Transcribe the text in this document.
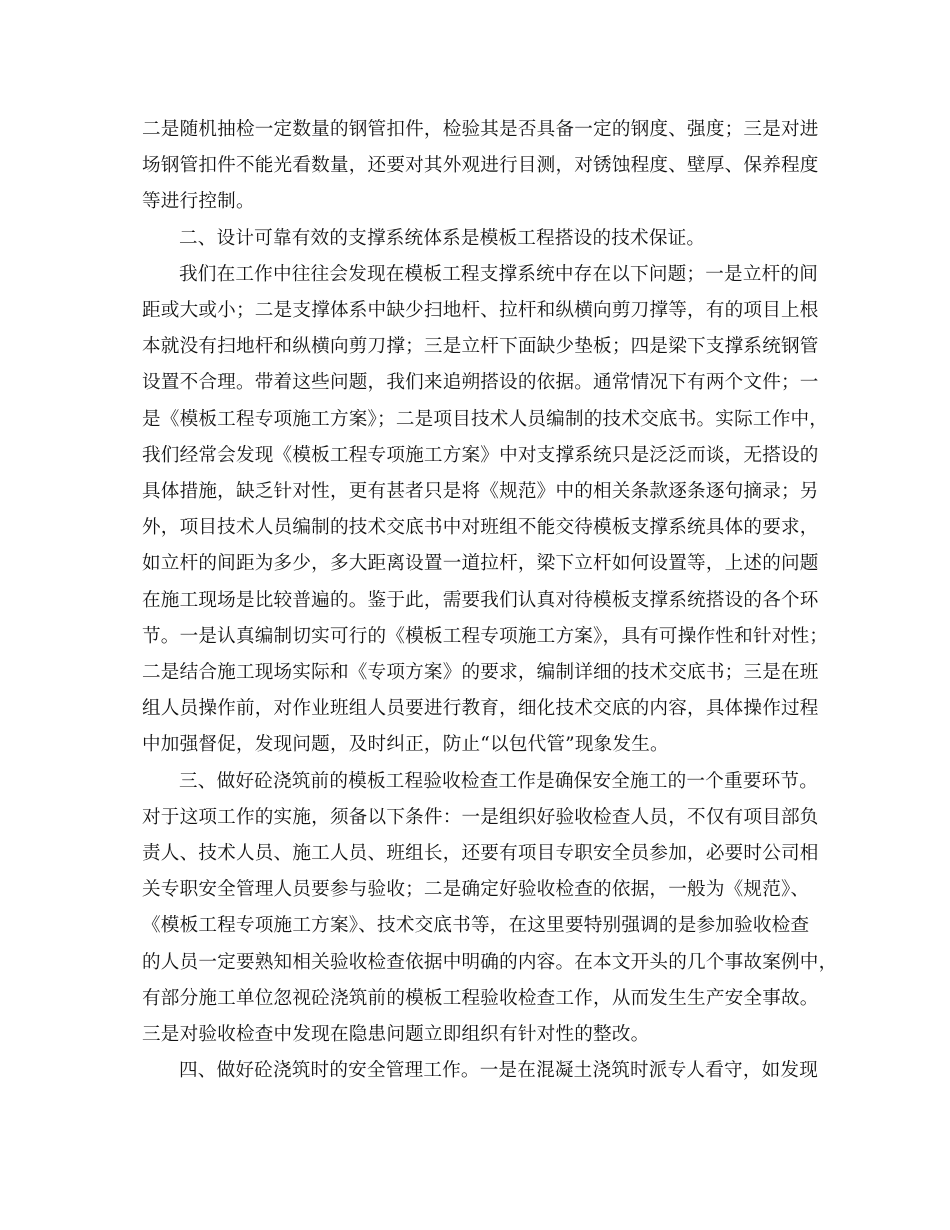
二是随机抽检一定数量的钢管扣件，检验其是否具备一定的钢度、强度；三是对进
场钢管扣件不能光看数量，还要对其外观进行目测，对锈蚀程度、壁厚、保养程度
等进行控制。

二、设计可靠有效的支撑系统体系是模板工程搭设的技术保证。

我们在工作中往往会发现在模板工程支撑系统中存在以下问题；一是立杆的间
距或大或小；二是支撑体系中缺少扫地杆、拉杆和纵横向剪刀撑等，有的项目上根
本就没有扫地杆和纵横向剪刀撑；三是立杆下面缺少垫板；四是梁下支撑系统钢管
设置不合理。带着这些问题，我们来追朔搭设的依据。通常情况下有两个文件；一
是《模板工程专项施工方案》；二是项目技术人员编制的技术交底书。实际工作中，
我们经常会发现《模板工程专项施工方案》中对支撑系统只是泛泛而谈，无搭设的
具体措施，缺乏针对性，更有甚者只是将《规范》中的相关条款逐条逐句摘录；另
外，项目技术人员编制的技术交底书中对班组不能交待模板支撑系统具体的要求，
如立杆的间距为多少，多大距离设置一道拉杆，梁下立杆如何设置等，上述的问题
在施工现场是比较普遍的。鉴于此，需要我们认真对待模板支撑系统搭设的各个环
节。一是认真编制切实可行的《模板工程专项施工方案》，具有可操作性和针对性；
二是结合施工现场实际和《专项方案》的要求，编制详细的技术交底书；三是在班
组人员操作前，对作业班组人员要进行教育，细化技术交底的内容，具体操作过程
中加强督促，发现问题，及时纠正，防止“以包代管”现象发生。

三、做好砼浇筑前的模板工程验收检查工作是确保安全施工的一个重要环节。
对于这项工作的实施，须备以下条件：一是组织好验收检查人员，不仅有项目部负
责人、技术人员、施工人员、班组长，还要有项目专职安全员参加，必要时公司相
关专职安全管理人员要参与验收；二是确定好验收检查的依据，一般为《规范》、
《模板工程专项施工方案》、技术交底书等，在这里要特别强调的是参加验收检查
的人员一定要熟知相关验收检查依据中明确的内容。在本文开头的几个事故案例中，
有部分施工单位忽视砼浇筑前的模板工程验收检查工作，从而发生生产安全事故。
三是对验收检查中发现在隐患问题立即组织有针对性的整改。

四、做好砼浇筑时的安全管理工作。一是在混凝土浇筑时派专人看守，如发现
